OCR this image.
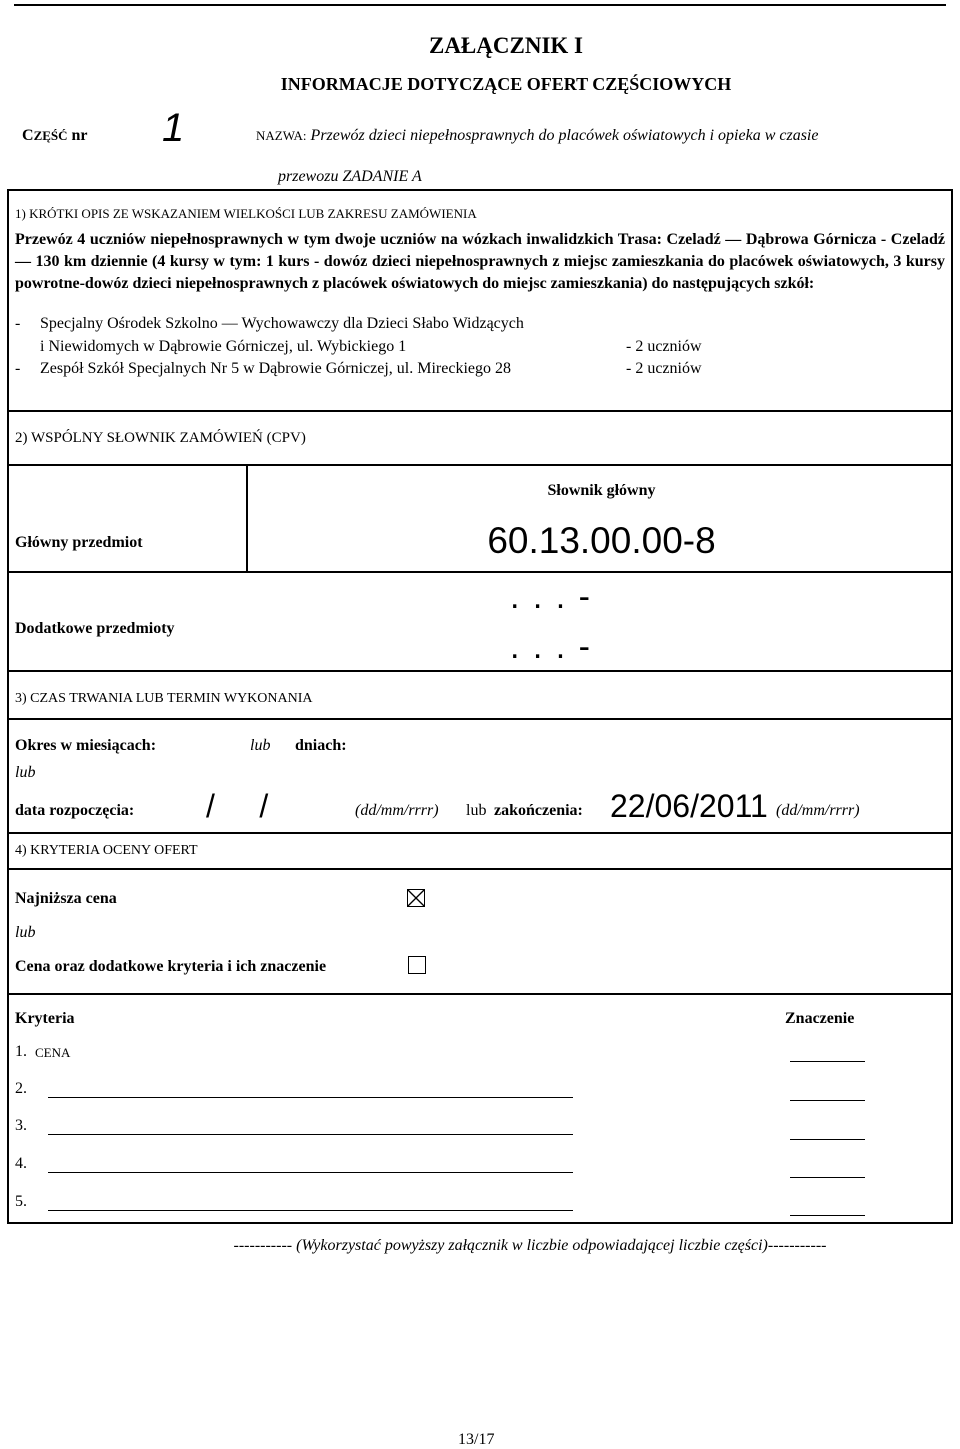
ZAŁĄCZNIK I
INFORMACJE DOTYCZĄCE OFERT CZĘŚCIOWYCH
CZĘŚĆ nr 1	NAZWA: Przewóz dzieci niepełnosprawnych do placówek oświatowych i opieka w czasie
przewozu ZADANIE A
1) KRÓTKI OPIS ZE WSKAZANIEM WIELKOŚCI LUB ZAKRESU ZAMÓWIENIA
Przewóz 4 uczniów niepełnosprawnych w tym dwoje uczniów na wózkach inwalidzkich Trasa: Czeladź — Dąbrowa Górnicza - Czeladź — 130 km dziennie (4 kursy w tym: 1 kurs - dowóz dzieci niepełnosprawnych z miejsc zamieszkania do placówek oświatowych, 3 kursy powrotne-dowóz dzieci niepełnosprawnych z placówek oświatowych do miejsc zamieszkania) do następujących szkół:
- Specjalny Ośrodek Szkolno — Wychowawczy dla Dzieci Słabo Widzących
i Niewidomych w Dąbrowie Górniczej, ul. Wybickiego 1	- 2 uczniów
- Zespół Szkół Specjalnych Nr 5 w Dąbrowie Górniczej, ul. Mireckiego 28	- 2 uczniów
2) WSPÓLNY SŁOWNIK ZAMÓWIEŃ (CPV)
Słownik główny
Główny przedmiot	60.13.00.00-8
Dodatkowe przedmioty
. . . -
. . . -
3) CZAS TRWANIA LUB TERMIN WYKONANIA
Okres w miesiącach:	lub dniach:
lub
data rozpoczęcia: /     /	(dd/mm/rrrr) lub zakończenia: 22/06/2011 (dd/mm/rrrr)
4) KRYTERIA OCENY OFERT
Najniższa cena
lub
Cena oraz dodatkowe kryteria i ich znaczenie
Kryteria	Znaczenie
1. CENA
2.
3.
4.
5.
----------- (Wykorzystać powyższy załącznik w liczbie odpowiadającej liczbie części)-----------
13/17
